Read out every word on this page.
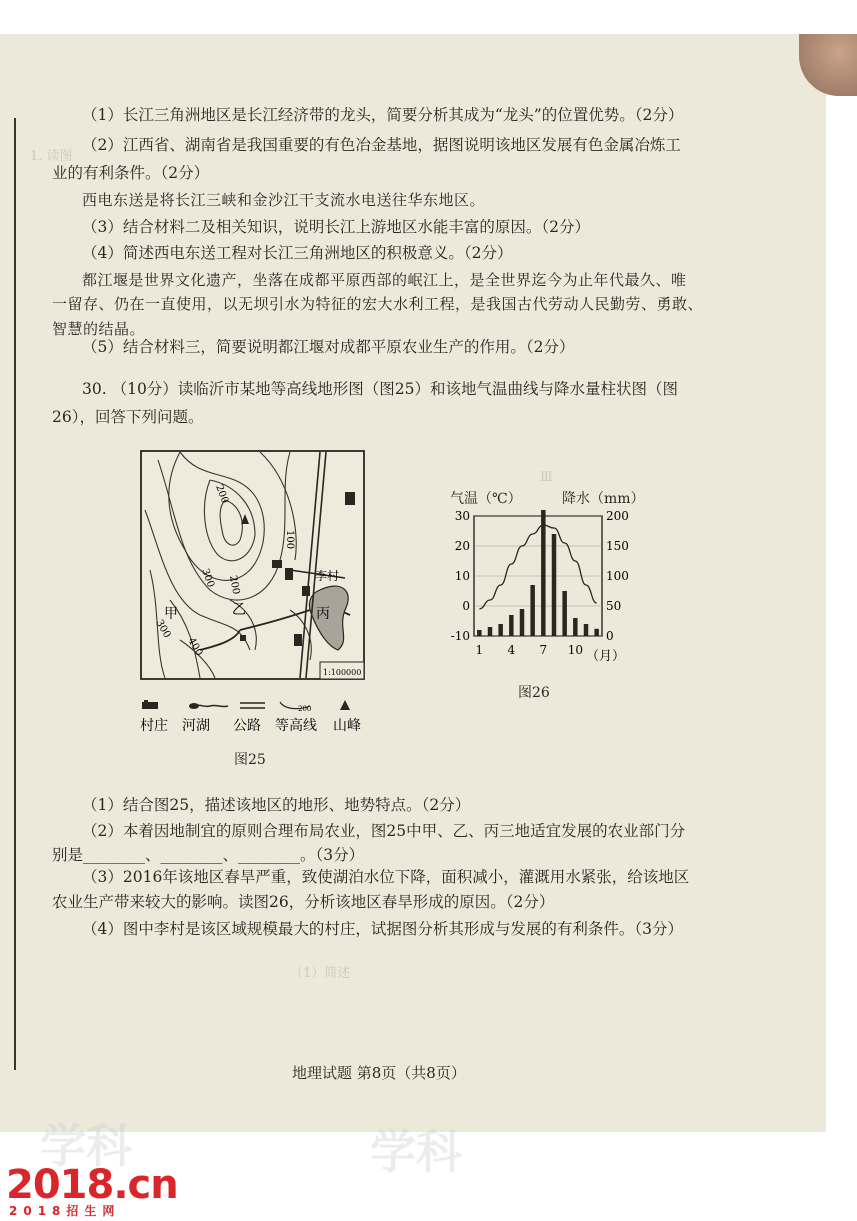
1. 读图
Ⅲ
（1）简述
（1）长江三角洲地区是长江经济带的龙头，简要分析其成为“龙头”的位置优势。（2分）
（2）江西省、湖南省是我国重要的有色冶金基地，据图说明该地区发展有色金属冶炼工
业的有利条件。（2分）
西电东送是将长江三峡和金沙江干支流水电送往华东地区。
（3）结合材料二及相关知识，说明长江上游地区水能丰富的原因。（2分）
（4）简述西电东送工程对长江三角洲地区的积极意义。（2分）
都江堰是世界文化遗产，坐落在成都平原西部的岷江上，是全世界迄今为止年代最久、唯
一留存、仍在一直使用，以无坝引水为特征的宏大水利工程，是我国古代劳动人民勤劳、勇敢、
智慧的结晶。
（5）结合材料三，简要说明都江堰对成都平原农业生产的作用。（2分）
30. （10分）读临沂市某地等高线地形图（图25）和该地气温曲线与降水量柱状图（图
26），回答下列问题。
200
100
300 200
300
400
甲	乙	丙
李村
1:100000
200
村庄 河湖 公路 等高线 山峰
图25
气温（℃）	降水（mm）
30
20
10
0
-10
200
150
100
50
0
1 4 7 10 （月）
图26
（1）结合图25，描述该地区的地形、地势特点。（2分）
（2）本着因地制宜的原则合理布局农业，图25中甲、乙、丙三地适宜发展的农业部门分
别是________、________、________。（3分）
（3）2016年该地区春旱严重，致使湖泊水位下降，面积减小，灌溉用水紧张，给该地区
农业生产带来较大的影响。读图26，分析该地区春旱形成的原因。（2分）
（4）图中李村是该区域规模最大的村庄，试据图分析其形成与发展的有利条件。（3分）
地理试题 第8页（共8页）
学科	学科
2018.cn
2018招生网
